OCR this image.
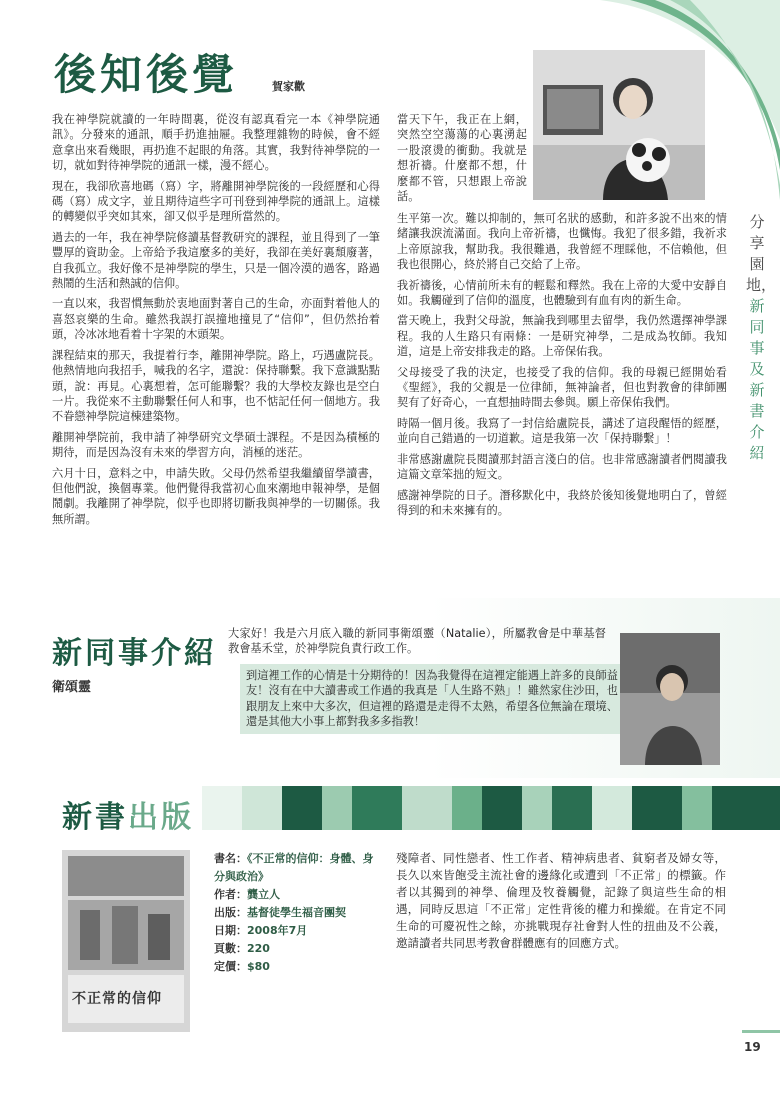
後知後覺	賀家歡
分享園地，
新同事及新書介紹

我在神學院就讀的一年時間裏，從沒有認真看完一本《神學院通訊》。分發來的通訊，順手扔進抽屜。我整理雜物的時候，會不經意拿出來看幾眼，再扔進不起眼的角落。其實，我對待神學院的一切，就如對待神學院的通訊一樣，漫不經心。

現在，我卻欣喜地碼（寫）字，將離開神學院後的一段經歷和心得碼（寫）成文字，並且期待這些字可刊登到神學院的通訊上。這樣的轉變似乎突如其來，卻又似乎是理所當然的。

過去的一年，我在神學院修讀基督教研究的課程，並且得到了一筆豐厚的資助金。上帝給予我這麼多的美好，我卻在美好裏頹廢著，自我孤立。我好像不是神學院的學生，只是一個冷漠的過客，路過熱鬧的生活和熱誠的信仰。

一直以來，我習慣無動於衷地面對著自己的生命，亦面對着他人的喜怒哀樂的生命。雖然我誤打誤撞地撞見了“信仰”，但仍然抬着頭，冷冰冰地看着十字架的木頭架。

課程結束的那天，我提着行李，離開神學院。路上，巧遇盧院長。他熱情地向我招手，喊我的名字，還說：保持聯繫。我下意識點點頭，說：再見。心裏想着，怎可能聯繫？我的大學校友錄也是空白一片。我從來不主動聯繫任何人和事，也不惦記任何一個地方。我不眷戀神學院這棟建築物。

離開神學院前，我申請了神學研究文學碩士課程。不是因為積極的期待，而是因為沒有未來的學習方向，消極的迷茫。

六月十日，意料之中，申請失敗。父母仍然希望我繼續留學讀書，但他們說，換個專業。他們覺得我當初心血來潮地申報神學，是個鬧劇。我離開了神學院，似乎也即將切斷我與神學的一切關係。我無所謂。

當天下午，我正在上網，突然空空蕩蕩的心裏湧起一股滾燙的衝動。我就是想祈禱。什麼都不想，什麼都不管，只想跟上帝說話。

生平第一次。難以抑制的，無可名狀的感動，和許多說不出來的情緒讓我淚流滿面。我向上帝祈禱，也懺悔。我犯了很多錯，我祈求上帝原諒我，幫助我。我很難過，我曾經不理睬他，不信賴他，但我也很開心，終於將自己交給了上帝。

我祈禱後，心情前所未有的輕鬆和釋然。我在上帝的大愛中安靜自如。我觸碰到了信仰的溫度，也體驗到有血有肉的新生命。

當天晚上，我對父母說，無論我到哪里去留學，我仍然選擇神學課程。我的人生路只有兩條：一是研究神學，二是成為牧師。我知道，這是上帝安排我走的路。上帝保佑我。

父母接受了我的決定，也接受了我的信仰。我的母親已經開始看《聖經》，我的父親是一位律師，無神論者，但也對教會的律師團契有了好奇心，一直想抽時間去參與。願上帝保佑我們。

時隔一個月後。我寫了一封信給盧院長，講述了這段醒悟的經歷，並向自己錯過的一切道歉。這是我第一次「保持聯繫」！

非常感謝盧院長閱讀那封語言淺白的信。也非常感謝讀者們閱讀我這篇文章笨拙的短文。

感謝神學院的日子。潛移默化中，我終於後知後覺地明白了，曾經得到的和未來擁有的。

新同事介紹
衛頌靈

大家好！我是六月底入職的新同事衛頌靈（Natalie），所屬教會是中華基督教會基禾堂，於神學院負責行政工作。

到這裡工作的心情是十分期待的！因為我覺得在這裡定能遇上許多的良師益友！沒有在中大讀書或工作過的我真是「人生路不熟」！雖然家住沙田，也跟朋友上來中大多次，但這裡的路還是走得不太熟，希望各位無論在環境、還是其他大小事上都對我多多指教！

新書出版
不正常的信仰
書名：《不正常的信仰：身體、身分與政治》
作者：龔立人
出版：基督徒學生福音團契
日期：2008年7月
頁數：220
定價：$80

殘障者、同性戀者、性工作者、精神病患者、貧窮者及婦女等，長久以來皆飽受主流社會的邊緣化或遭到「不正常」的標籤。作者以其獨到的神學、倫理及牧養觸覺，記錄了與這些生命的相遇，同時反思這「不正常」定性背後的權力和操縱。在肯定不同生命的可慶祝性之餘，亦挑戰現存社會對人性的扭曲及不公義，邀請讀者共同思考教會群體應有的回應方式。

19
